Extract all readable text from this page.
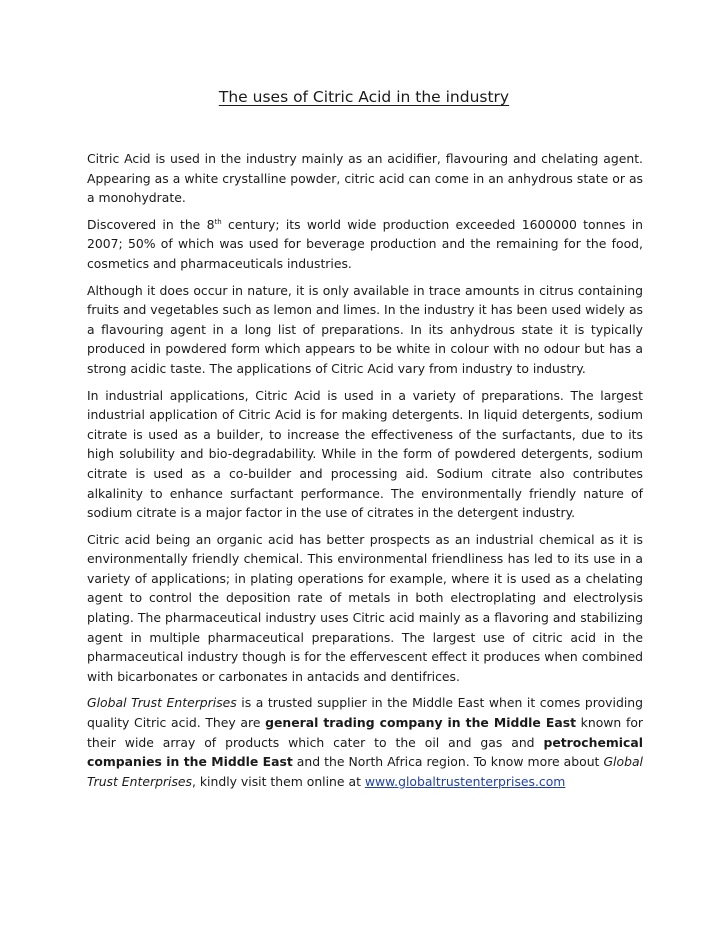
The uses of Citric Acid in the industry

Citric Acid is used in the industry mainly as an acidifier, flavouring and chelating agent. Appearing as a white crystalline powder, citric acid can come in an anhydrous state or as a monohydrate.

Discovered in the 8th century; its world wide production exceeded 1600000 tonnes in 2007; 50% of which was used for beverage production and the remaining for the food, cosmetics and pharmaceuticals industries.

Although it does occur in nature, it is only available in trace amounts in citrus containing fruits and vegetables such as lemon and limes. In the industry it has been used widely as a flavouring agent in a long list of preparations. In its anhydrous state it is typically produced in powdered form which appears to be white in colour with no odour but has a strong acidic taste. The applications of Citric Acid vary from industry to industry.

In industrial applications, Citric Acid is used in a variety of preparations. The largest industrial application of Citric Acid is for making detergents. In liquid detergents, sodium citrate is used as a builder, to increase the effectiveness of the surfactants, due to its high solubility and bio-degradability. While in the form of powdered detergents, sodium citrate is used as a co-builder and processing aid. Sodium citrate also contributes alkalinity to enhance surfactant performance. The environmentally friendly nature of sodium citrate is a major factor in the use of citrates in the detergent industry.

Citric acid being an organic acid has better prospects as an industrial chemical as it is environmentally friendly chemical. This environmental friendliness has led to its use in a variety of applications; in plating operations for example, where it is used as a chelating agent to control the deposition rate of metals in both electroplating and electrolysis plating. The pharmaceutical industry uses Citric acid mainly as a flavoring and stabilizing agent in multiple pharmaceutical preparations. The largest use of citric acid in the pharmaceutical industry though is for the effervescent effect it produces when combined with bicarbonates or carbonates in antacids and dentifrices.

Global Trust Enterprises is a trusted supplier in the Middle East when it comes providing quality Citric acid. They are general trading company in the Middle East known for their wide array of products which cater to the oil and gas and petrochemical companies in the Middle East and the North Africa region. To know more about Global Trust Enterprises, kindly visit them online at www.globaltrustenterprises.com
